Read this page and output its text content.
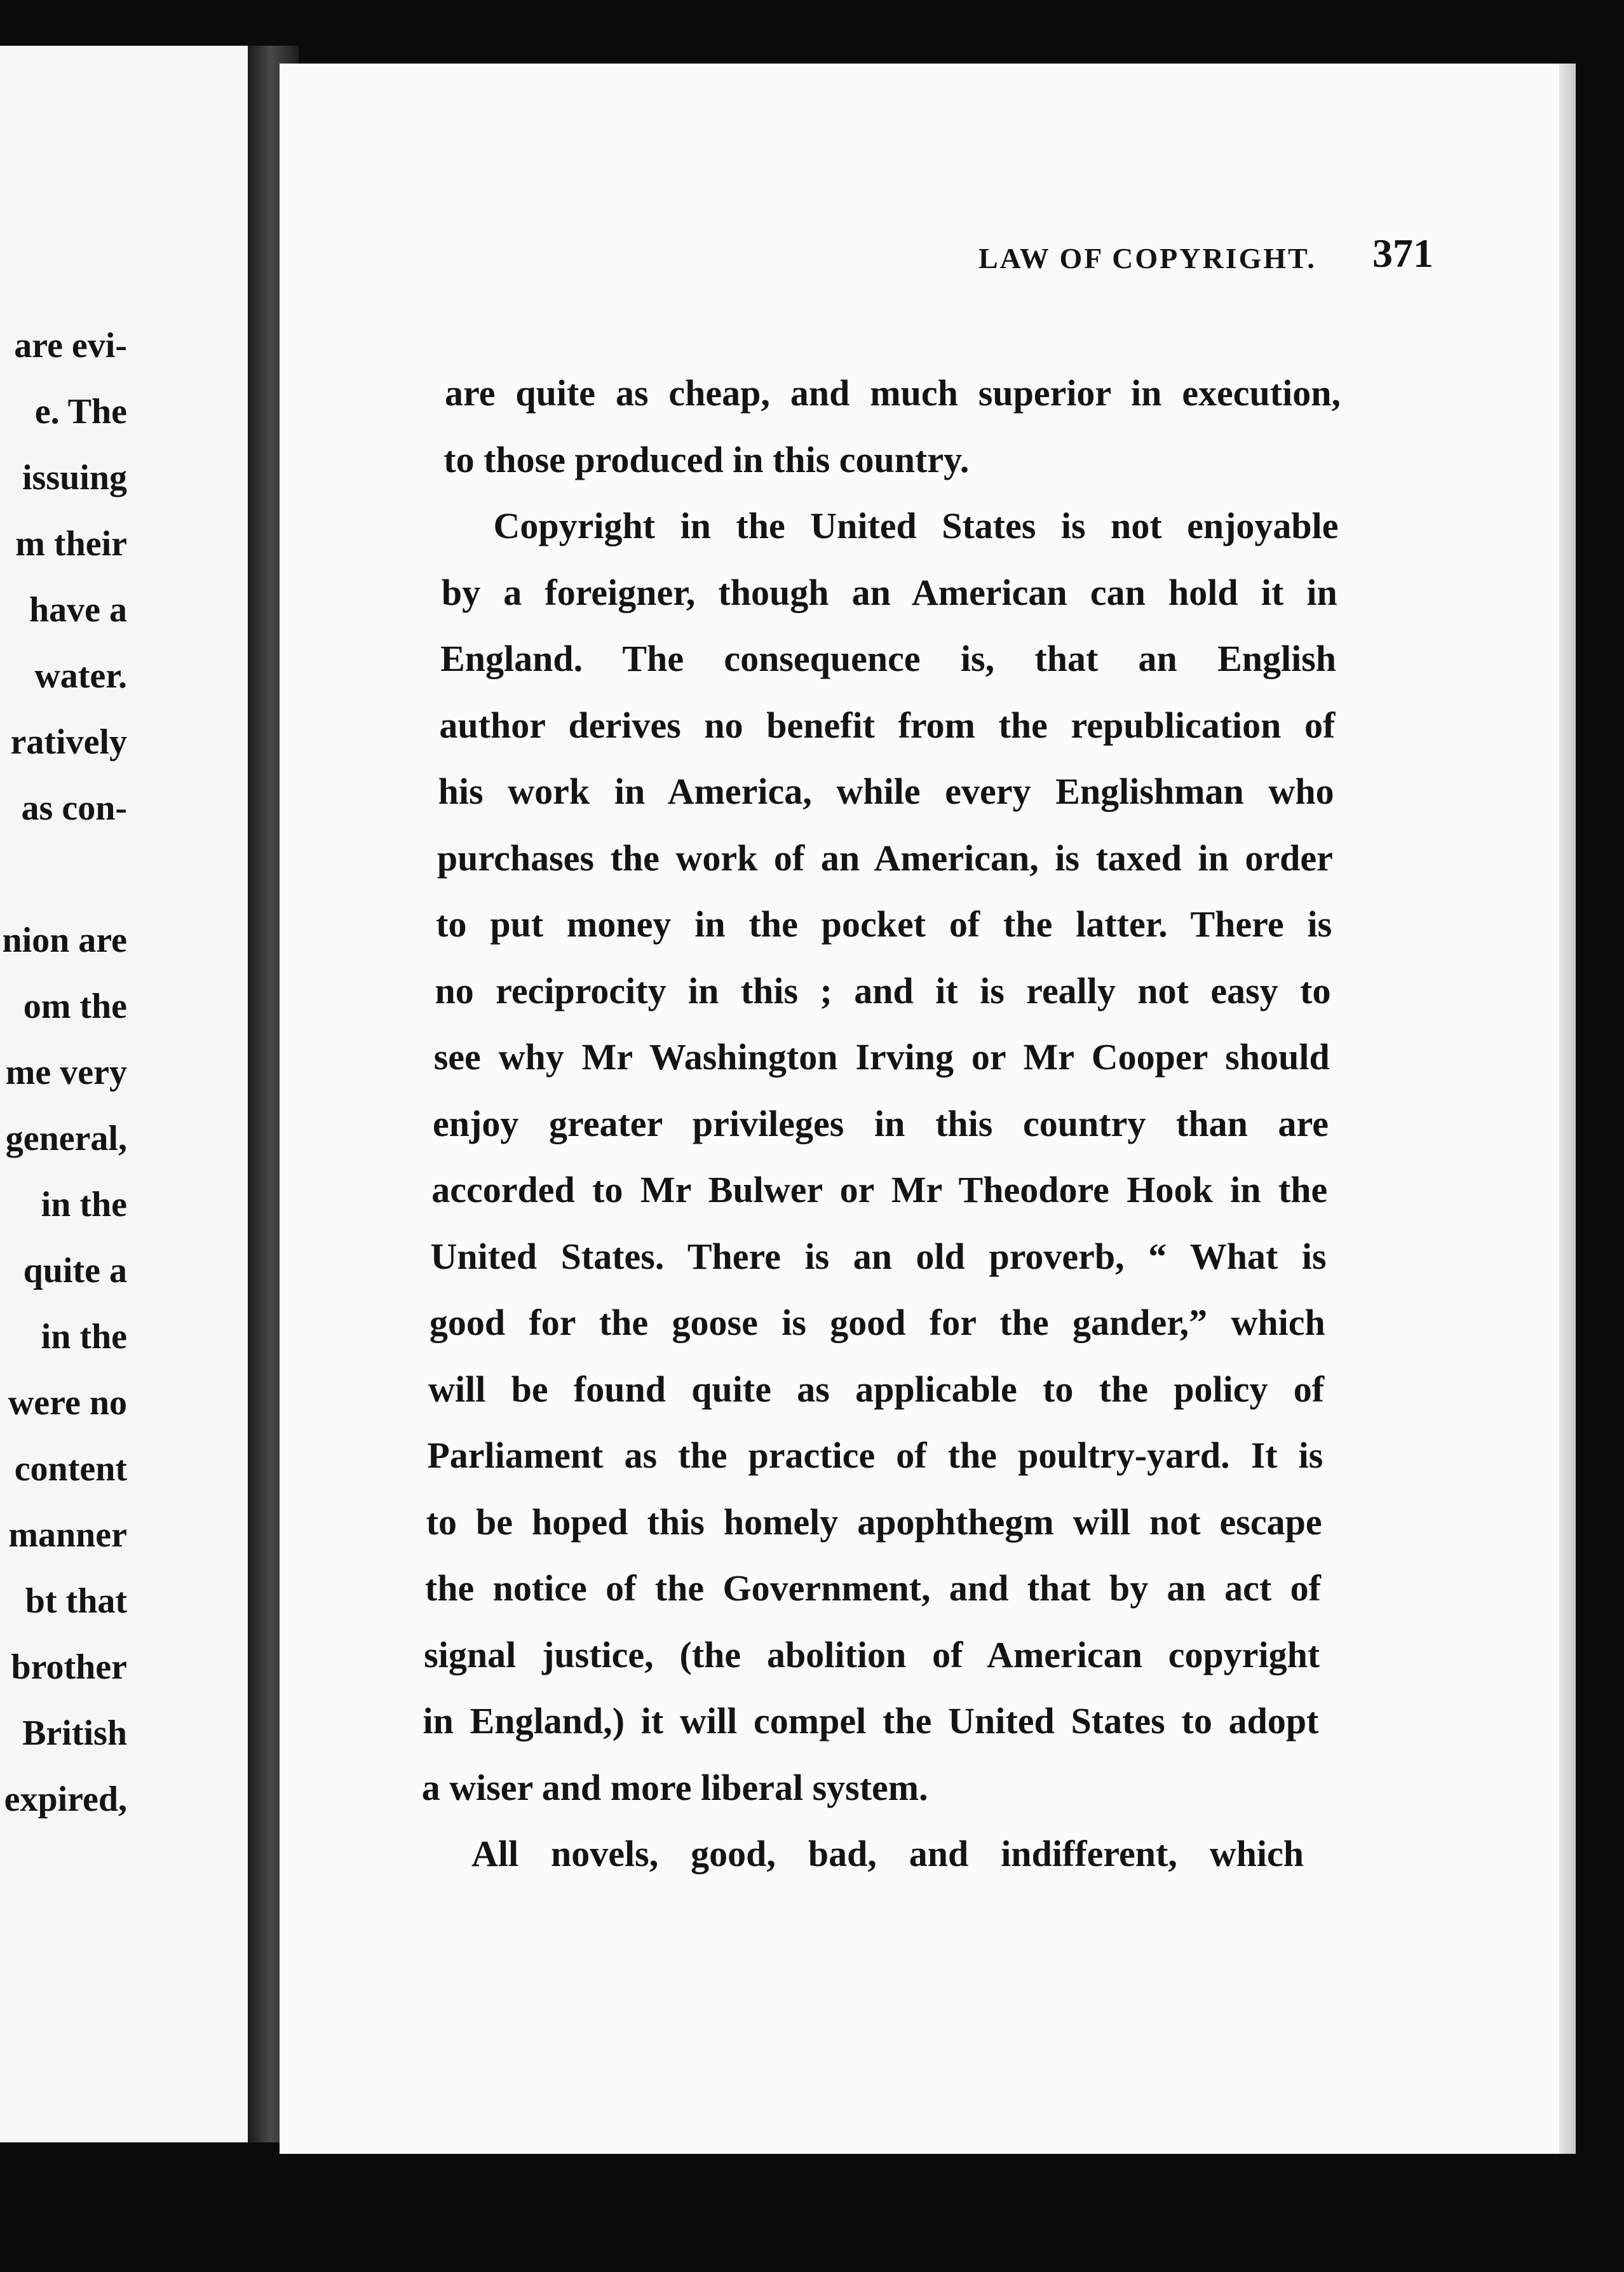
are evi-
e. The
issuing
m their
have a
water.
ratively
as con-
nion are
om the
me very
general,
in the
quite a
in the
were no
content
manner
bt that
brother
British
expired,
LAW OF COPYRIGHT. 371
are quite as cheap, and much superior in execution,
to those produced in this country.
Copyright in the United States is not enjoyable
by a foreigner, though an American can hold it in
England. The consequence is, that an English
author derives no benefit from the republication of
his work in America, while every Englishman who
purchases the work of an American, is taxed in order
to put money in the pocket of the latter. There is
no reciprocity in this ; and it is really not easy to
see why Mr Washington Irving or Mr Cooper should
enjoy greater privileges in this country than are
accorded to Mr Bulwer or Mr Theodore Hook in the
United States. There is an old proverb, “ What is
good for the goose is good for the gander,” which
will be found quite as applicable to the policy of
Parliament as the practice of the poultry-yard. It is
to be hoped this homely apophthegm will not escape
the notice of the Government, and that by an act of
signal justice, (the abolition of American copyright
in England,) it will compel the United States to adopt
a wiser and more liberal system.
All novels, good, bad, and indifferent, which
